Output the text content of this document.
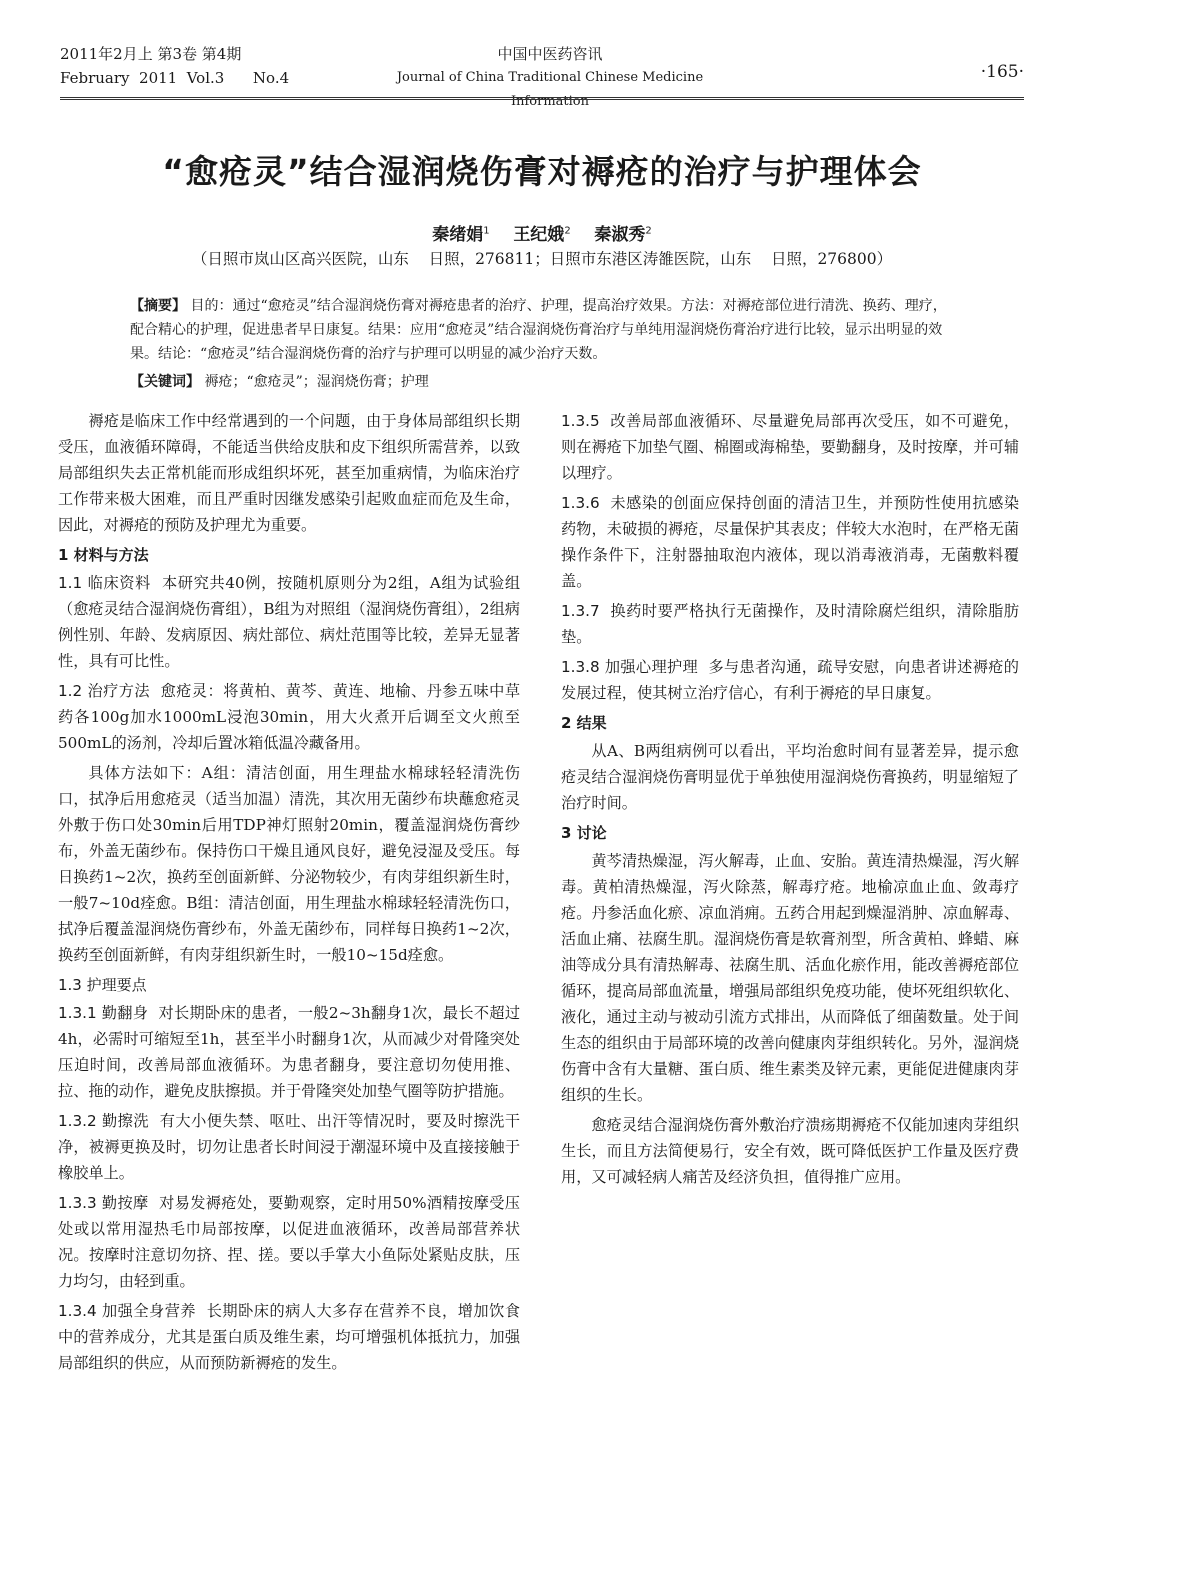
2011年2月上 第3卷 第4期
February  2011  Vol.3      No.4
中国中医药咨讯
Journal of China Traditional Chinese Medicine Information
·165·
“愈疮灵”结合湿润烧伤膏对褥疮的治疗与护理体会
秦绪娟$^1$ 王纪娥$^2$ 秦淑秀$^2$
（日照市岚山区高兴医院，山东    日照，276811；日照市东港区涛雒医院，山东    日照，276800）
【摘要】 目的：通过“愈疮灵”结合湿润烧伤膏对褥疮患者的治疗、护理，提高治疗效果。方法：对褥疮部位进行清洗、换药、理疗，配合精心的护理，促进患者早日康复。结果：应用“愈疮灵”结合湿润烧伤膏治疗与单纯用湿润烧伤膏治疗进行比较，显示出明显的效果。结论：“愈疮灵”结合湿润烧伤膏的治疗与护理可以明显的减少治疗天数。
【关键词】 褥疮；“愈疮灵”；湿润烧伤膏；护理

褥疮是临床工作中经常遇到的一个问题，由于身体局部组织长期受压，血液循环障碍，不能适当供给皮肤和皮下组织所需营养，以致局部组织失去正常机能而形成组织坏死，甚至加重病情，为临床治疗工作带来极大困难，而且严重时因继发感染引起败血症而危及生命，因此，对褥疮的预防及护理尤为重要。

1 材料与方法

1.1 临床资料 本研究共40例，按随机原则分为2组，A组为试验组（愈疮灵结合湿润烧伤膏组），B组为对照组（湿润烧伤膏组），2组病例性别、年龄、发病原因、病灶部位、病灶范围等比较，差异无显著性，具有可比性。

1.2 治疗方法 愈疮灵：将黄柏、黄芩、黄连、地榆、丹参五味中草药各100g加水1000mL浸泡30min，用大火煮开后调至文火煎至500mL的汤剂，冷却后置冰箱低温冷藏备用。

具体方法如下：A组：清洁创面，用生理盐水棉球轻轻清洗伤口，拭净后用愈疮灵（适当加温）清洗，其次用无菌纱布块蘸愈疮灵外敷于伤口处30min后用TDP神灯照射20min，覆盖湿润烧伤膏纱布，外盖无菌纱布。保持伤口干燥且通风良好，避免浸湿及受压。每日换药1~2次，换药至创面新鲜、分泌物较少，有肉芽组织新生时，一般7~10d痊愈。B组：清洁创面，用生理盐水棉球轻轻清洗伤口，拭净后覆盖湿润烧伤膏纱布，外盖无菌纱布，同样每日换药1~2次，换药至创面新鲜，有肉芽组织新生时，一般10~15d痊愈。

1.3 护理要点

1.3.1 勤翻身 对长期卧床的患者，一般2~3h翻身1次，最长不超过4h，必需时可缩短至1h，甚至半小时翻身1次，从而减少对骨隆突处压迫时间，改善局部血液循环。为患者翻身，要注意切勿使用推、拉、拖的动作，避免皮肤擦损。并于骨隆突处加垫气圈等防护措施。

1.3.2 勤擦洗 有大小便失禁、呕吐、出汗等情况时，要及时擦洗干净，被褥更换及时，切勿让患者长时间浸于潮湿环境中及直接接触于橡胶单上。

1.3.3 勤按摩 对易发褥疮处，要勤观察，定时用50%酒精按摩受压处或以常用湿热毛巾局部按摩，以促进血液循环，改善局部营养状况。按摩时注意切勿挤、捏、搓。要以手掌大小鱼际处紧贴皮肤，压力均匀，由轻到重。

1.3.4 加强全身营养 长期卧床的病人大多存在营养不良，增加饮食中的营养成分，尤其是蛋白质及维生素，均可增强机体抵抗力，加强局部组织的供应，从而预防新褥疮的发生。

1.3.5 改善局部血液循环、尽量避免局部再次受压，如不可避免，则在褥疮下加垫气圈、棉圈或海棉垫，要勤翻身，及时按摩，并可辅以理疗。

1.3.6 未感染的创面应保持创面的清洁卫生，并预防性使用抗感染药物，未破损的褥疮，尽量保护其表皮；伴较大水泡时，在严格无菌操作条件下，注射器抽取泡内液体，现以消毒液消毒，无菌敷料覆盖。

1.3.7 换药时要严格执行无菌操作，及时清除腐烂组织，清除脂肪垫。

1.3.8 加强心理护理 多与患者沟通，疏导安慰，向患者讲述褥疮的发展过程，使其树立治疗信心，有利于褥疮的早日康复。

2 结果

从A、B两组病例可以看出，平均治愈时间有显著差异，提示愈疮灵结合湿润烧伤膏明显优于单独使用湿润烧伤膏换药，明显缩短了治疗时间。

3 讨论

黄芩清热燥湿，泻火解毒，止血、安胎。黄连清热燥湿，泻火解毒。黄柏清热燥湿，泻火除蒸，解毒疗疮。地榆凉血止血、敛毒疗疮。丹参活血化瘀、凉血消痈。五药合用起到燥湿消肿、凉血解毒、活血止痛、祛腐生肌。湿润烧伤膏是软膏剂型，所含黄柏、蜂蜡、麻油等成分具有清热解毒、祛腐生肌、活血化瘀作用，能改善褥疮部位循环，提高局部血流量，增强局部组织免疫功能，使坏死组织软化、液化，通过主动与被动引流方式排出，从而降低了细菌数量。处于间生态的组织由于局部环境的改善向健康肉芽组织转化。另外，湿润烧伤膏中含有大量糖、蛋白质、维生素类及锌元素，更能促进健康肉芽组织的生长。

愈疮灵结合湿润烧伤膏外敷治疗溃疡期褥疮不仅能加速肉芽组织生长，而且方法简便易行，安全有效，既可降低医护工作量及医疗费用，又可减轻病人痛苦及经济负担，值得推广应用。
